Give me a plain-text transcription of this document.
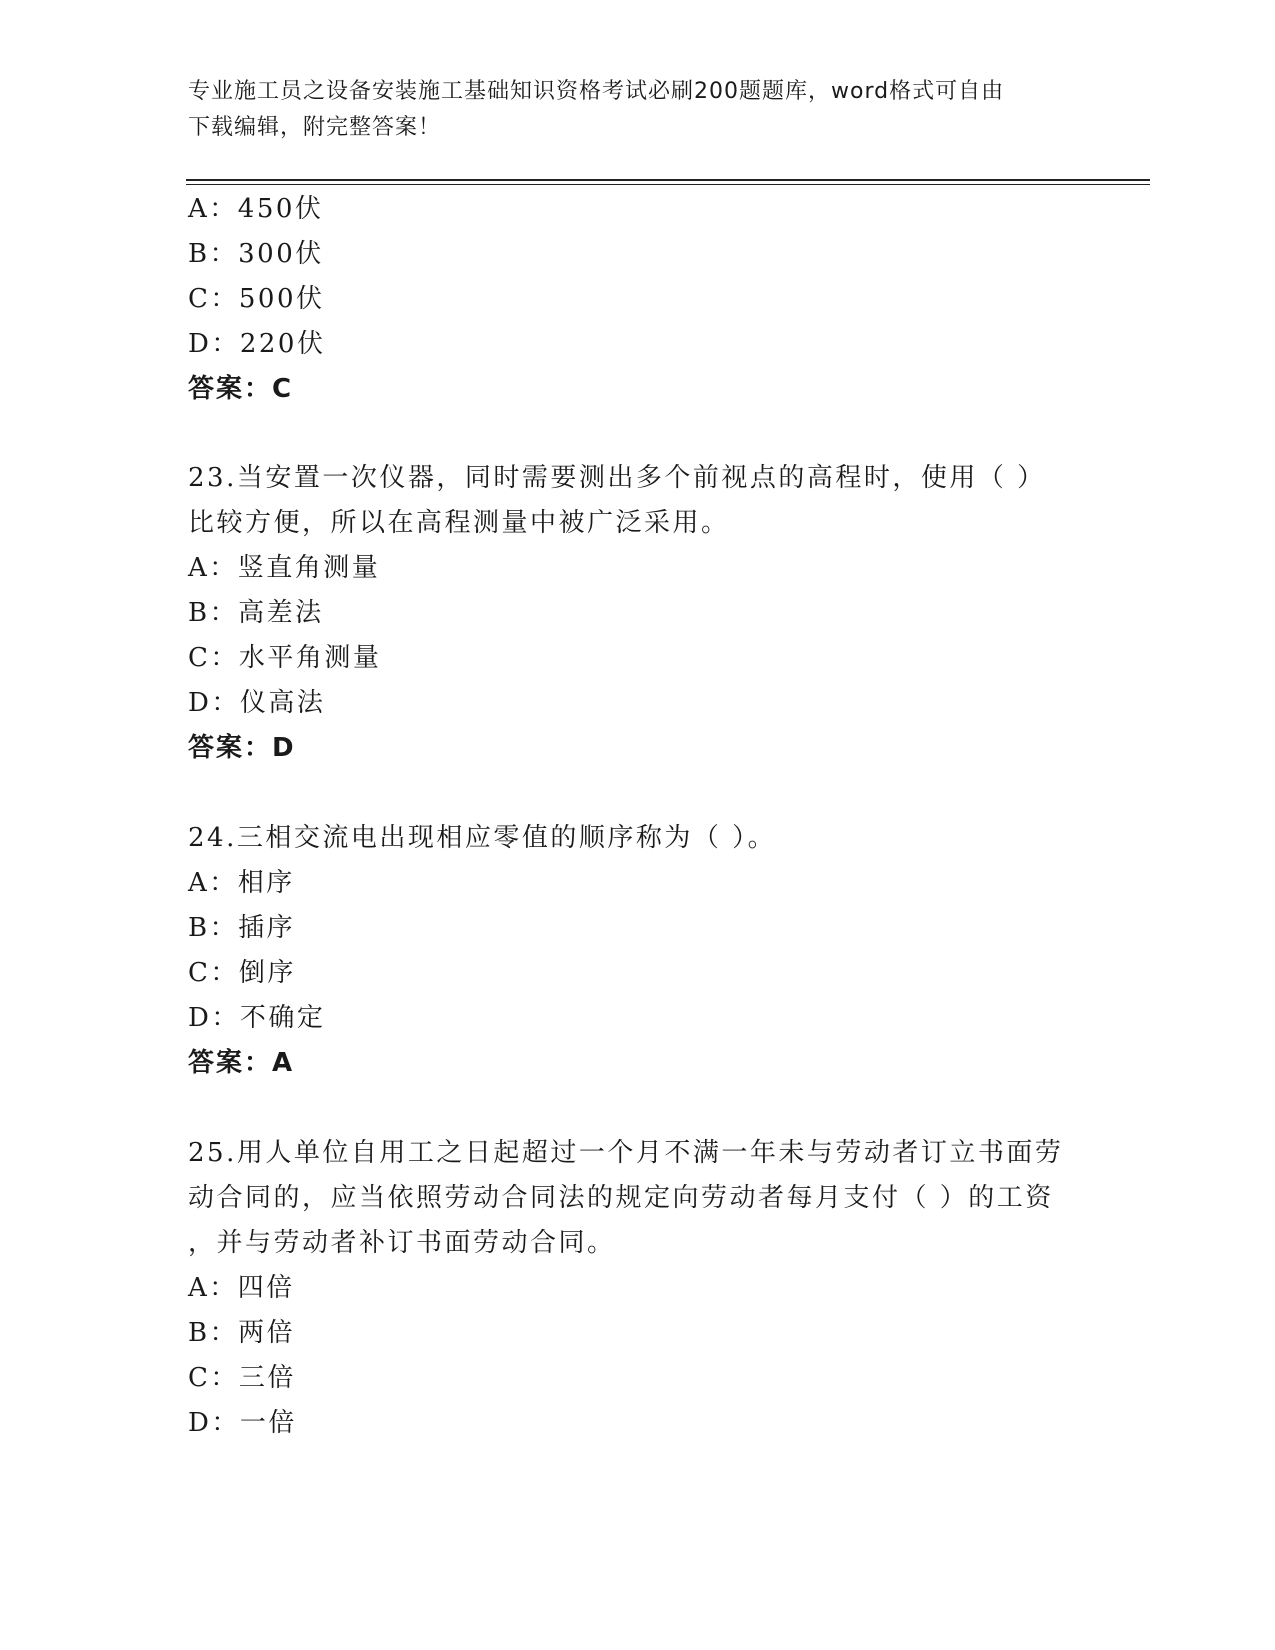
专业施工员之设备安装施工基础知识资格考试必刷200题题库，word格式可自由
下载编辑，附完整答案！
A：450伏
B：300伏
C：500伏
D：220伏
答案：C
23.当安置一次仪器，同时需要测出多个前视点的高程时，使用（ ）
比较方便，所以在高程测量中被广泛采用。
A：竖直角测量
B：高差法
C：水平角测量
D：仪高法
答案：D
24.三相交流电出现相应零值的顺序称为（ ）。
A：相序
B：插序
C：倒序
D：不确定
答案：A
25.用人单位自用工之日起超过一个月不满一年未与劳动者订立书面劳
动合同的，应当依照劳动合同法的规定向劳动者每月支付（ ）的工资
，并与劳动者补订书面劳动合同。
A：四倍
B：两倍
C：三倍
D：一倍
